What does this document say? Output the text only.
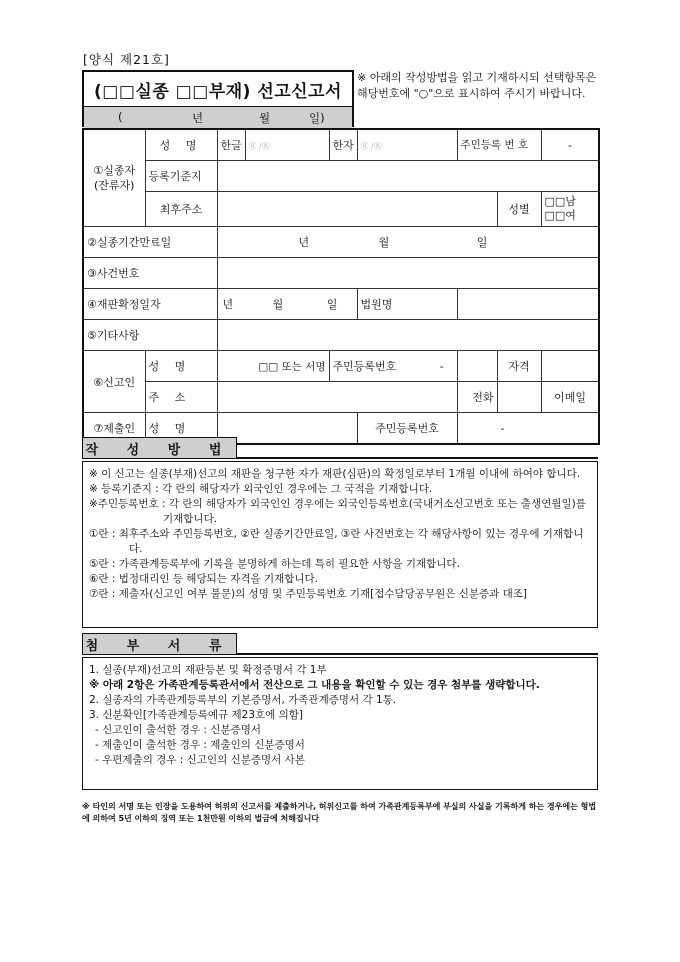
[양식 제21호]
(□□실종 □□부재) 선고신고서
(	년	월	일)
※ 아래의 작성방법을 읽고 기재하시되 선택항목은 해당번호에 "○"으로 표시하여 주시기 바랍니다.
①실종자 (잔류자)	성 명	한글	㊊ /㊔	한자	㊊ /㊔	주민등록 번 호		-	
	등록기준지								
	최후주소						성별	□□남
□□여	

②실종기간만료일		년 월 일							
③사건번호									
④재판확정일자		년 월 일			법원명				
⑤기타사항									
⑥신고인	성 명	□□ 또는 서명		주민등록번호 -			자격		
	주 소					전화		이메일	
⑦제출인	성 명				주민등록번호	-			
작 성 방 법

※ 이 신고는 실종(부재)선고의 재판을 청구한 자가 재판(심판)의 확정일로부터 1개월 이내에 하여야 합니다.

※ 등록기준지 : 각 란의 해당자가 외국인인 경우에는 그 국적을 기재합니다.

※주민등록번호 : 각 란의 해당자가 외국인인 경우에는 외국인등록번호(국내거소신고번호 또는 출생연월일)를 기재합니다.

①란 : 최후주소와 주민등록번호, ②란 실종기간만료일, ③란 사건번호는 각 해당사항이 있는 경우에 기재합니다.

⑤란 : 가족관계등록부에 기록을 분명하게 하는데 특히 필요한 사항을 기재합니다.

⑥란 : 법정대리인 등 해당되는 자격을 기재합니다.

⑦란 : 제출자(신고인 여부 불문)의 성명 및 주민등록번호 기재[접수담당공무원은 신분증과 대조]

첨 부 서 류

1. 실종(부재)선고의 재판등본 및 확정증명서 각 1부

※ 아래 2항은 가족관계등록관서에서 전산으로 그 내용을 확인할 수 있는 경우 첨부를 생략합니다.

2. 실종자의 가족관계등록부의 기본증명서, 가족관계증명서 각 1통.

3. 신분확인[가족관계등록예규 제23호에 의함]

- 신고인이 출석한 경우 : 신분증명서

- 제출인이 출석한 경우 : 제출인의 신분증명서

- 우편제출의 경우 : 신고인의 신분증명서 사본

※ 타인의 서명 또는 인장을 도용하여 허위의 신고서를 제출하거나, 허위신고를 하여 가족관계등록부에 부실의 사실을 기록하게 하는 경우에는 형법에 의하여 5년 이하의 징역 또는 1천만원 이하의 벌금에 처해집니다
